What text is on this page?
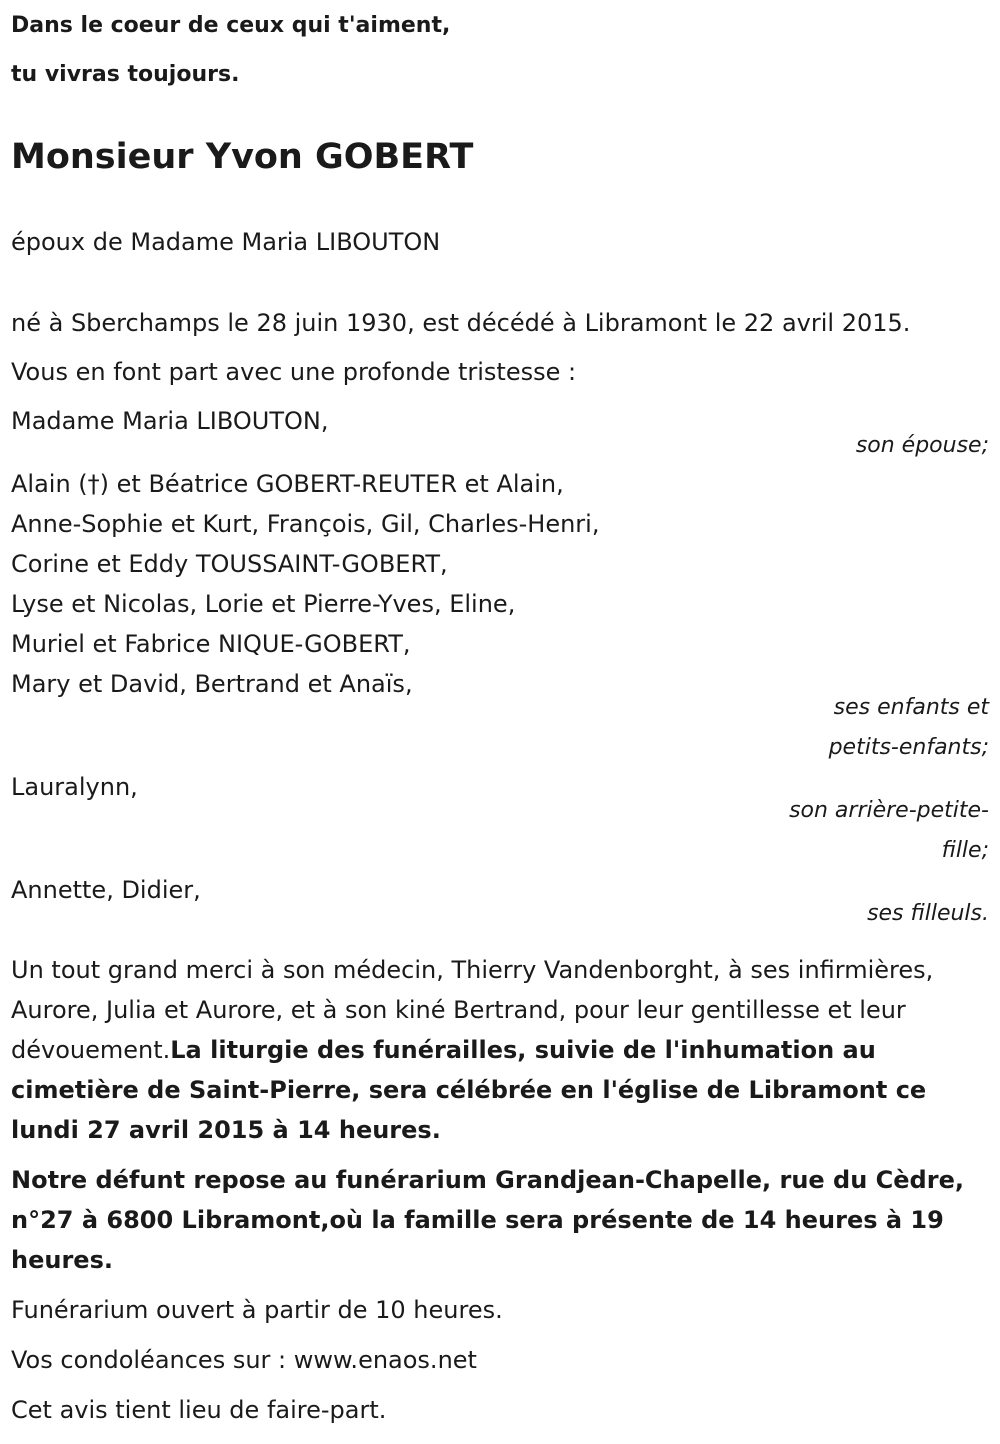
Dans le coeur de ceux qui t'aiment,
tu vivras toujours.
Monsieur Yvon GOBERT
époux de Madame Maria LIBOUTON
né à Sberchamps le 28 juin 1930, est décédé à Libramont le 22 avril 2015.
Vous en font part avec une profonde tristesse :
Madame Maria LIBOUTON,
son épouse;
Alain (†) et Béatrice GOBERT-REUTER et Alain,
Anne-Sophie et Kurt, François, Gil, Charles-Henri,
Corine et Eddy TOUSSAINT-GOBERT,
Lyse et Nicolas, Lorie et Pierre-Yves, Eline,
Muriel et Fabrice NIQUE-GOBERT,
Mary et David, Bertrand et Anaïs,
ses enfants et
petits-enfants;
Lauralynn,
son arrière-petite-
fille;
Annette, Didier,
ses filleuls.
Un tout grand merci à son médecin, Thierry Vandenborght, à ses infirmières, Aurore, Julia et Aurore, et à son kiné Bertrand, pour leur gentillesse et leur dévouement.La liturgie des funérailles, suivie de l'inhumation au cimetière de Saint-Pierre, sera célébrée en l'église de Libramont ce lundi 27 avril 2015 à 14 heures.
Notre défunt repose au funérarium Grandjean-Chapelle, rue du Cèdre, n°27 à 6800 Libramont,où la famille sera présente de 14 heures à 19 heures.
Funérarium ouvert à partir de 10 heures.
Vos condoléances sur : www.enaos.net
Cet avis tient lieu de faire-part.
